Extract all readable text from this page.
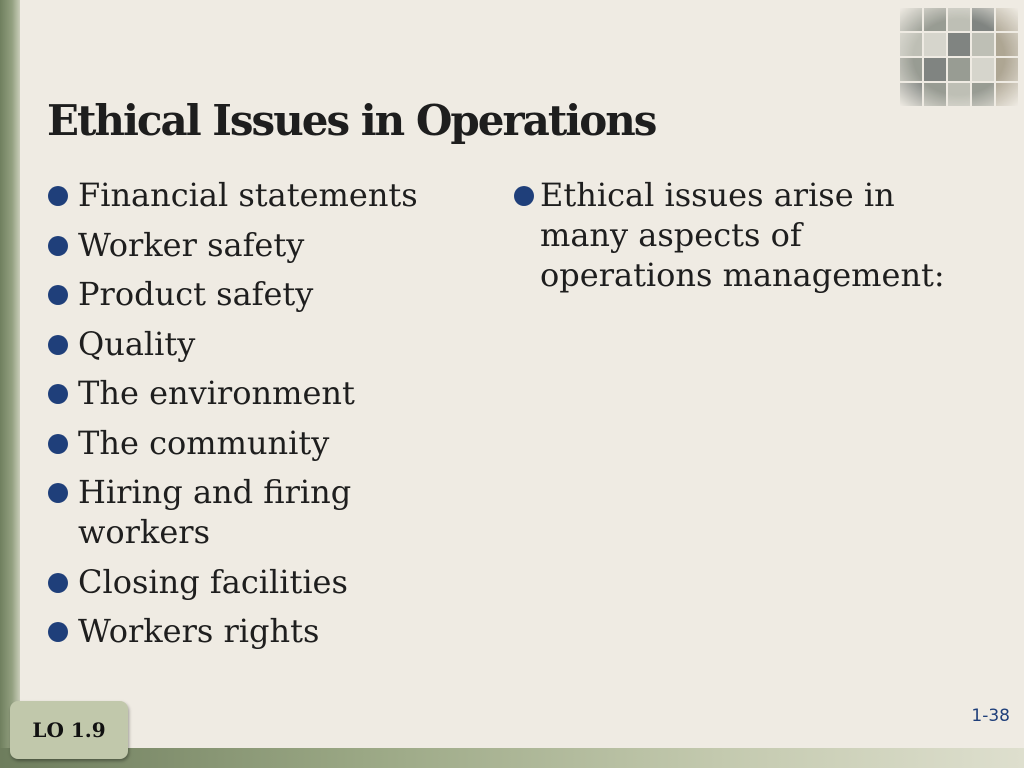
Ethical Issues in Operations
Financial statements
Worker safety
Product safety
Quality
The environment
The community
Hiring and firing workers
Closing facilities
Workers rights
Ethical issues arise in many aspects of operations management:
1-38
LO 1.9
